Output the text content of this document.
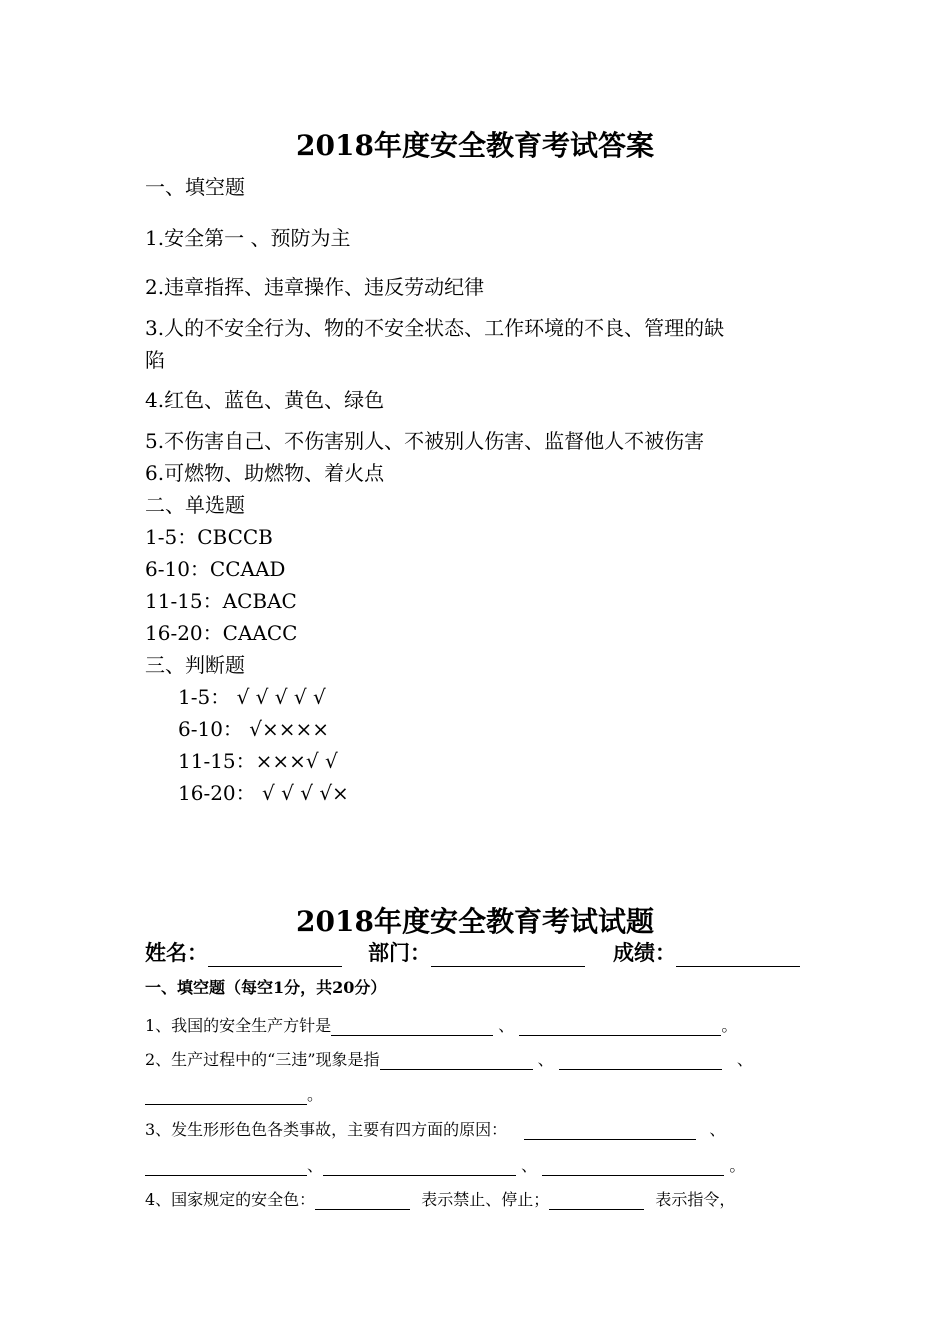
2018年度安全教育考试答案
一、填空题
1.安全第一 、预防为主
2.违章指挥、违章操作、违反劳动纪律
3.人的不安全行为、物的不安全状态、工作环境的不良、管理的缺
陷
4.红色、蓝色、黄色、绿色
5.不伤害自己、不伤害别人、不被别人伤害、监督他人不被伤害
6.可燃物、助燃物、着火点
二、单选题
1-5：CBCCB
6-10：CCAAD
11-15：ACBAC
16-20：CAACC
三、判断题
1-5： √ √ √ √ √
6-10： √××××
11-15：×××√ √
16-20： √ √ √ √×
2018年度安全教育考试试题
姓名：	部门：	成绩：
一、填空题（每空1分，共20分）
1、我国的安全生产方针是	、	。
2、生产过程中的“三违”现象是指	、	、
。
3、发生形形色色各类事故，主要有四方面的原因：	、
、	、	。
4、国家规定的安全色：	表示禁止、停止；	表示指令，
